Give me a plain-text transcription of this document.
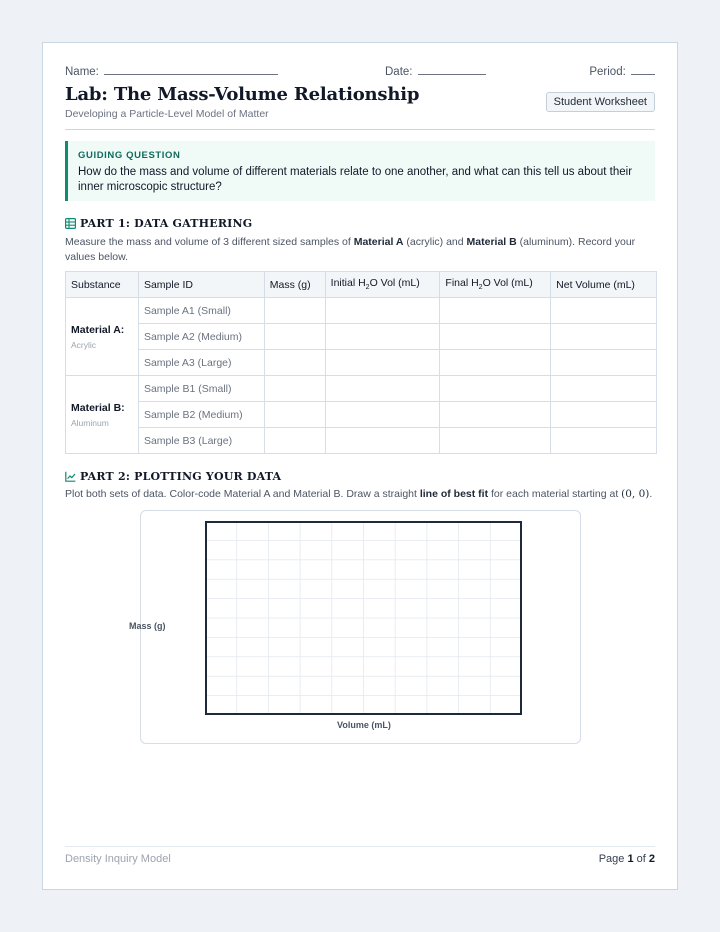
Name:	Date:	Period:
Lab: The Mass-Volume Relationship
Developing a Particle-Level Model of Matter
Student Worksheet
GUIDING QUESTION
How do the mass and volume of different materials relate to one another, and what can this tell us about their inner microscopic structure?
PART 1: DATA GATHERING
Measure the mass and volume of 3 different sized samples of Material A (acrylic) and Material B (aluminum). Record your values below.
Substance	Sample ID	Mass (g)	Initial $H_2O$ Vol (mL)	Final $H_2O$ Vol (mL)	Net Volume (mL)

Material A:
Acrylic	Sample A1 (Small)				
	Sample A2 (Medium)				
	Sample A3 (Large)				

Material B:
Aluminum	Sample B1 (Small)				
	Sample B2 (Medium)				
	Sample B3 (Large)				
PART 2: PLOTTING YOUR DATA
Plot both sets of data. Color-code Material A and Material B. Draw a straight line of best fit for each material starting at (0, 0).
Mass (g)
Volume (mL)
Density Inquiry Model	Page 1 of 2
